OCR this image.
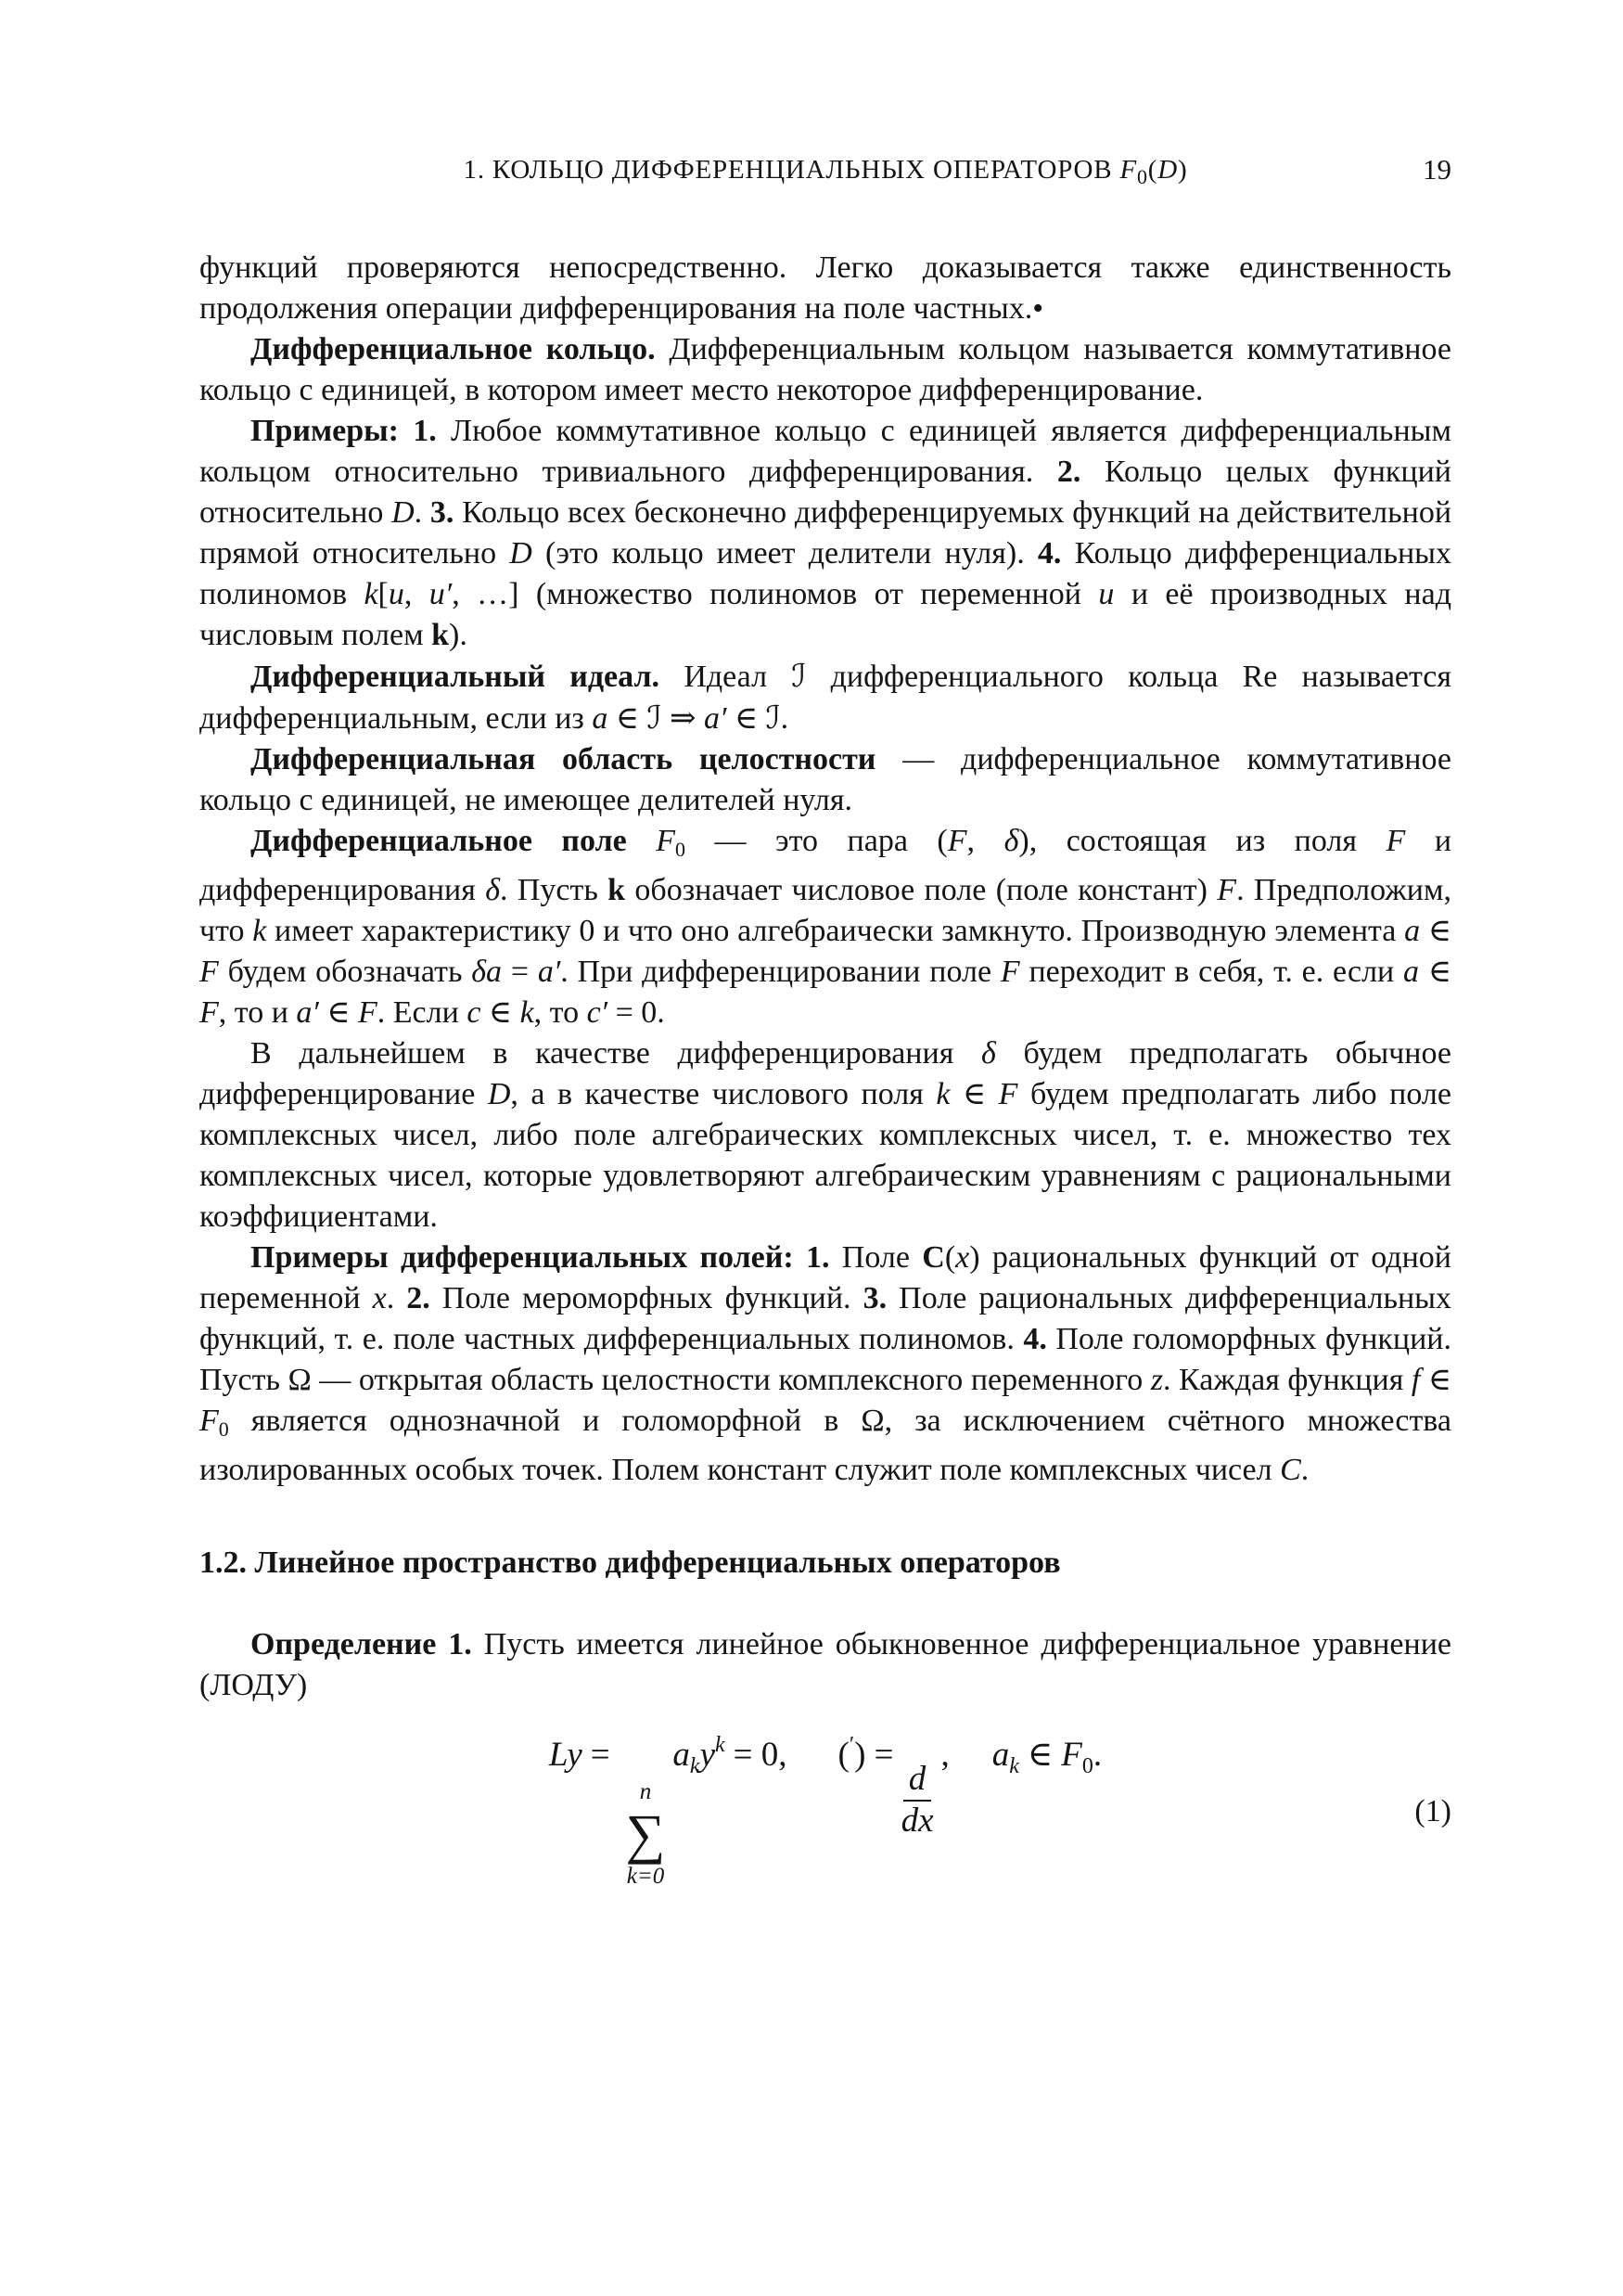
1. КОЛЬЦО ДИФФЕРЕНЦИАЛЬНЫХ ОПЕРАТОРОВ $F_0(D)$	19

функций проверяются непосредственно. Легко доказывается также единственность продолжения операции дифференцирования на поле частных.•

Дифференциальное кольцо. Дифференциальным кольцом называется коммутативное кольцо с единицей, в котором имеет место некоторое дифференцирование.

Примеры: 1. Любое коммутативное кольцо с единицей является дифференциальным кольцом относительно тривиального дифференцирования. 2. Кольцо целых функций относительно D. 3. Кольцо всех бесконечно дифференцируемых функций на действительной прямой относительно D (это кольцо имеет делители нуля). 4. Кольцо дифференциальных полиномов k[u, u′, …] (множество полиномов от переменной u и её производных над числовым полем k).

Дифференциальный идеал. Идеал ℐ дифференциального кольца Re называется дифференциальным, если из a ∈ ℐ ⇒ a′ ∈ ℐ.

Дифференциальная область целостности — дифференциальное коммутативное кольцо с единицей, не имеющее делителей нуля.

Дифференциальное поле F0 — это пара (F, δ), состоящая из поля F и дифференцирования δ. Пусть k обозначает числовое поле (поле констант) F. Предположим, что k имеет характеристику 0 и что оно алгебраически замкнуто. Производную элемента a ∈ F будем обозначать δa = a′. При дифференцировании поле F переходит в себя, т. е. если a ∈ F, то и a′ ∈ F. Если c ∈ k, то c′ = 0.

В дальнейшем в качестве дифференцирования δ будем предполагать обычное дифференцирование D, а в качестве числового поля k ∈ F будем предполагать либо поле комплексных чисел, либо поле алгебраических комплексных чисел, т. е. множество тех комплексных чисел, которые удовлетворяют алгебраическим уравнениям с рациональными коэффициентами.

Примеры дифференциальных полей: 1. Поле C(x) рациональных функций от одной переменной x. 2. Поле мероморфных функций. 3. Поле рациональных дифференциальных функций, т. е. поле частных дифференциальных полиномов. 4. Поле голоморфных функций. Пусть Ω — открытая область целостности комплексного переменного z. Каждая функция f ∈ F0 является однозначной и голоморфной в Ω, за исключением счётного множества изолированных особых точек. Полем констант служит поле комплексных чисел C.

1.2. Линейное пространство дифференциальных операторов

Определение 1. Пусть имеется линейное обыкновенное дифференциальное уравнение (ЛОДУ)

Ly =
n
∑
k=0
$a_ky^k = 0$, (′) =
$\frac{d}{dx}$
, $a_k$ ∈ $F_0$.
(1)
